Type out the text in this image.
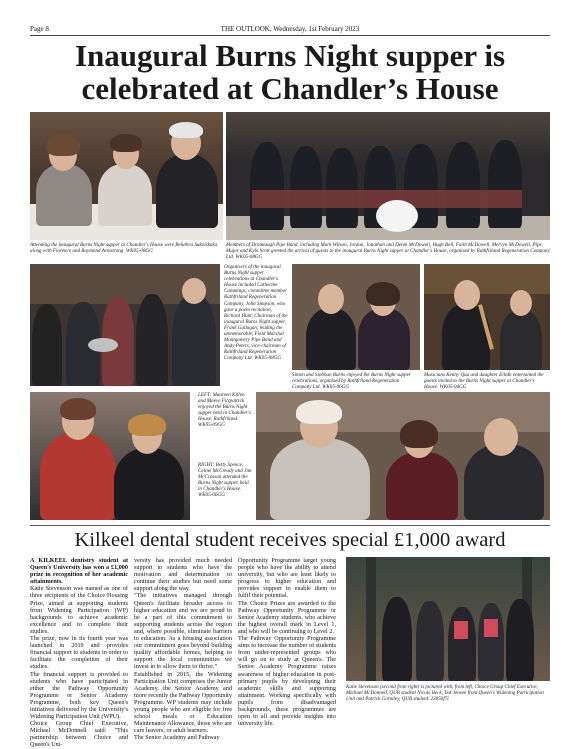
Page 8	THE OUTLOOK, Wednesday, 1st February 2023
Inaugural Burns Night supper is
celebrated at Chandler’s House
Attending the inaugural Burns Night supper at Chandler's House were Beluthra Sukolskaka along with Florence and Raymond Armstrong. WK05-08GG
Members of Dromlough Pipe Band, including Mark Wilson, Jordan, Jonathan and Derek McDowell, Hugh Bell, Faith McDowell, Mervyn McDowell, Pipe Major and Kyle Scott greeted the arrival of guests to the inaugural Burns Night supper at Chandler's House, organised by Rathfriland Regeneration Company Ltd. WK05-08GG
Organisers of the inaugural Burns Night supper celebrations at Chandler's House included Catherine Cummings, committee member Rathfriland Regeneration Company, John Simpson, who gave a poem recitation, Richard Hunt, Chairman of the inaugural Burns Night supper, Frank Gallagan, leading the unmemorable, Field Marshal Montgomery Pipe Band and Andy Peters, vice-chairman of Rathfriland Regeneration Company Ltd. WK05-08GG
Simon and Siobhan Burns enjoyed the Burns Night supper celebrations, organised by Rathfriland Regeneration Company Ltd. WK05-06GG
Musicians Kenny Qua and daughter Eilidh entertained the guests invited to the Burns Night supper at Chandler's House. WK05-04GG
LEFT: Maureen Killen and Maeve Fitzpatrick enjoyed the Burns Night supper held in Chandler's House, Rathfriland. WK05-09GG
RIGHT: Betty Spence, Celine McCready and Jim McCrossan attended the Burns Night supper, held in Chandler's House. WK05-06GG
Kilkeel dental student receives special £1,000 award

A KILKEEL dentistry student at Queen's University has won a £1,000 prize in recognition of her academic attainments.

Katie Stevenson was named as one of three recipients of the Choice Housing Prize, aimed at supporting students from Widening Participation (WP) backgrounds to achieve academic excellence and to complete their studies.

The prize, now in its fourth year was launched in 2019 and provides financial support to students in order to facilitate the completion of their studies.

The financial support is provided to students who have participated in either the Pathway Opportunity Programme or Senior Academy Programme, both key Queen's initiatives delivered by the University's Widening Participation Unit (WPU).

Choice Group Chief Executive, Michael McDonnell said: "This partnership between Choice and Queen's Uni-

versity has provided much needed support to students who have the motivation and determination to continue their studies but need some support along the way.

"The initiatives managed through Queen's facilitate broader access to higher education and we are proud to be a part of this commitment to supporting students across the region and, where possible, eliminate barriers to education. As a housing association our commitment goes beyond building quality affordable homes, helping to support the local communities we invest in to allow them to thrive."

Established in 2015, the Widening Participation Unit comprises the Junior Academy, the Senior Academy and more recently the Pathway Opportunity Programme. WP students may include young people who are eligible for free school meals or Education Maintenance Allowance, those who are care leavers, or adult learners.

The Senior Academy and Pathway

Opportunity Programme target young people who have the ability to attend university, but who are least likely to progress to higher education and provides support to enable them to fulfil their potential.

The Choice Prizes are awarded to the Pathway Opportunity Programme or Senior Academy students, who achieve the highest overall mark in Level 1, and who will be continuing to Level 2.

The Pathway Opportunity Programme aims to increase the number of students from under-represented groups who will go on to study at Queen's. The Senior Academy Programme raises awareness of higher education in post-primary pupils by developing their academic skills and supporting attainment. Working specifically with pupils from disadvantaged backgrounds, these programmes are open to all and provide insights into university life.

Katie Stevenson (second from right) is pictured with, from left, Choice Group Chief Executive, Michael McDonnell, QUB student Nicole Beck, Ted Jensen from Queen's Widening Participation Unit and Patrick Gormley, QUB student. 23050f7i
